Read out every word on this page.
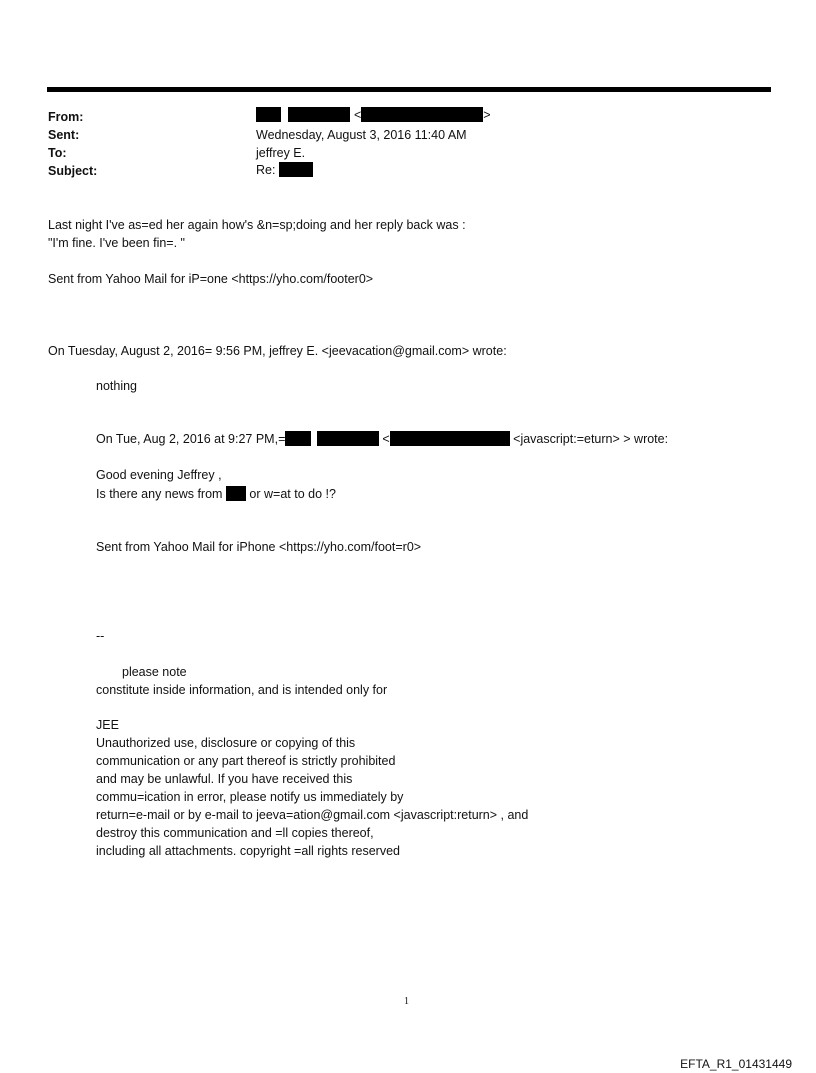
From:	<	>
Sent:	Wednesday, August 3, 2016 11:40 AM
To:	jeffrey E.
Subject:	Re:
Last night I've as=ed her again how's &n=sp;doing and her reply back was :
"I'm fine. I've been fin=. "
Sent from Yahoo Mail for iP=one <https://yho.com/footer0>
On Tuesday, August 2, 2016= 9:56 PM, jeffrey E. <jeevacation@gmail.com> wrote:
nothing
On Tue, Aug 2, 2016 at 9:27 PM,=	<	<javascript:=eturn> > wrote:
Good evening Jeffrey ,
Is there any news from or w=at to do !?
Sent from Yahoo Mail for iPhone <https://yho.com/foot=r0>
--
please note
constitute inside information, and is intended only for
JEE
Unauthorized use, disclosure or copying of this
communication or any part thereof is strictly prohibited
and may be unlawful. If you have received this
commu=ication in error, please notify us immediately by
return=e-mail or by e-mail to jeeva=ation@gmail.com <javascript:return> , and
destroy this communication and =ll copies thereof,
including all attachments. copyright =all rights reserved
1
EFTA_R1_01431449
